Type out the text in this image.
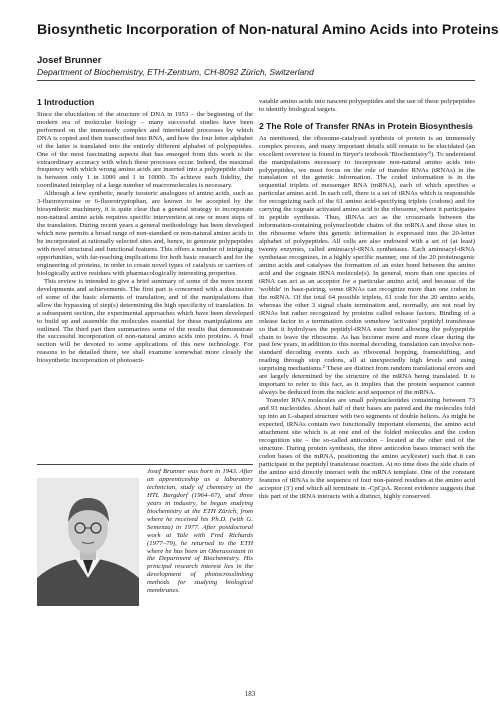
Biosynthetic Incorporation of Non-natural Amino Acids into Proteins

Josef Brunner

Department of Biochemistry, ETH-Zentrum, CH-8092 Zürich, Switzerland

1 Introduction

Since the elucidation of the structure of DNA in 1953 – the beginning of the modern era of molecular biology – many successful studies have been performed on the immensely complex and interrelated processes by which DNA is copied and then transcribed into RNA, and how the four letter alphabet of the latter is translated into the entirely different alphabet of polypeptides. One of the most fascinating aspects that has emerged from this work is the extraordinary accuracy with which these processes occur. Indeed, the maximal frequency with which wrong amino acids are inserted into a polypeptide chain is between only 1 in 1000 and 1 in 10000. To achieve such fidelity, the coordinated interplay of a large number of macromolecules is necessary.

Although a few synthetic, nearly isosteric analogues of amino acids, such as 3-fluorotyrosine or 6-fluorotryptophan, are known to be accepted by the biosynthetic machinery, it is quite clear that a general strategy to incorporate non-natural amino acids requires specific intervention at one or more steps of the translation. During recent years a general methodology has been developed which now permits a broad range of non-standard or non-natural amino acids to be incorporated at rationally selected sites and, hence, to generate polypeptides with novel structural and functional features. This offers a number of intriguing opportunities, with far-reaching implications for both basic research and for the engineering of proteins, in order to create novel types of catalysts or carriers of biologically active residues with pharmacologically interesting properties.

This review is intended to give a brief summary of some of the more recent developments and achievements. The first part is concerned with a discussion of some of the basic elements of translation, and of the manipulations that allow the bypassing of step(s) determining the high specificity of translation. In a subsequent section, the experimental approaches which have been developed to build up and assemble the molecules essential for these manipulations are outlined. The third part then summarizes some of the results that demonstrate the successful incorporation of non-natural amino acids into proteins. A final section will be devoted to some applications of this new technology. For reasons to be detailed there, we shall examine somewhat more closely the biosynthetic incorporation of photoacti-

Josef Brunner was born in 1943. After an apprenticeship as a laboratory technician, study of chemistry at the HTL Burgdorf (1964–67), and three years in industry, he began studying biochemistry at the ETH Zürich, from where he received his Ph.D. (with G. Semenza) in 1977. After postdoctoral work at Yale with Fred Richards (1977–79), he returned to the ETH where he has been an Oberassistant in the Department of Biochemistry. His principal research interest lies in the development of photocrosslinking methods for studying biological membranes.

vatable amino acids into nascent polypeptides and the use of these polypeptides to identify biological targets.

2 The Role of Transfer RNAs in Protein Biosynthesis

As mentioned, the ribosome-catalysed synthesis of protein is an immensely complex process, and many important details still remain to be elucidated (an excellent overview is found in Stryer's textbook 'Biochemistry'¹). To understand the manipulations necessary to incorporate non-natural amino acids into polypeptides, we must focus on the role of transfer RNAs (tRNAs) in the translation of the genetic information. The coded information is in the sequential triplets of messenger RNA (mRNA), each of which specifies a particular amino acid. In each cell, there is a set of tRNAs which is responsible for recognizing each of the 61 amino acid-specifying triplets (codons) and for carrying the cognate activated amino acid to the ribosome, where it participates in peptide synthesis. Thus, tRNAs act as the crossroads between the information-containing polynucleotide chains of the mRNA and those sites in the ribosome where this genetic information is expressed into the 20-letter alphabet of polypeptides. All cells are also endowed with a set of (at least) twenty enzymes, called aminoacyl-tRNA synthetases. Each aminoacyl-tRNA synthetase recognizes, in a highly specific manner, one of the 20 proteinogenic amino acids and catalyses the formation of an ester bond between the amino acid and the cognate tRNA molecule(s). In general, more than one species of tRNA can act as an acceptor for a particular amino acid, and because of the 'wobble' in base-pairing, some tRNAs can recognize more than one codon in the mRNA. Of the total 64 possible triplets, 61 code for the 20 amino acids, whereas the other 3 signal chain termination and, normally, are not read by tRNAs but rather recognized by proteins called release factors. Binding of a release factor to a termination codon somehow 'activates' peptidyl transferase so that it hydrolyses the peptidyl-tRNA ester bond allowing the polypeptide chain to leave the ribosome. As has become more and more clear during the past few years, in addition to this normal decoding, translation can involve non-standard decoding events such as ribosomal hopping, frameshifting, and reading through stop codons, all at unexpectedly high levels and using surprising mechanisms.² These are distinct from random translational errors and are largely determined by the structure of the mRNA being translated. It is important to refer to this fact, as it implies that the protein sequence cannot always be deduced from the nucleic acid sequence of the mRNA.

Transfer RNA molecules are small polynucleotides containing between 73 and 93 nucleotides. About half of their bases are paired and the molecules fold up into an L-shaped structure with two segments of double helices. As might be expected, tRNAs contain two functionally important elements, the amino acid attachment site which is at one end of the folded molecules and the codon recognition site – the so-called anticodon – located at the other end of the structure. During protein synthesis, the three anticodon bases interact with the codon bases of the mRNA, positioning the amino acyl(ester) such that it can participate in the peptidyl transferase reaction. At no time does the side chain of the amino acid directly interact with the mRNA template. One of the constant features of tRNAs is the sequence of four non-paired residues at the amino acid acceptor (3′) end which all terminate in -CpCpA. Recent evidence suggests that this part of the tRNA interacts with a distinct, highly conserved

183
